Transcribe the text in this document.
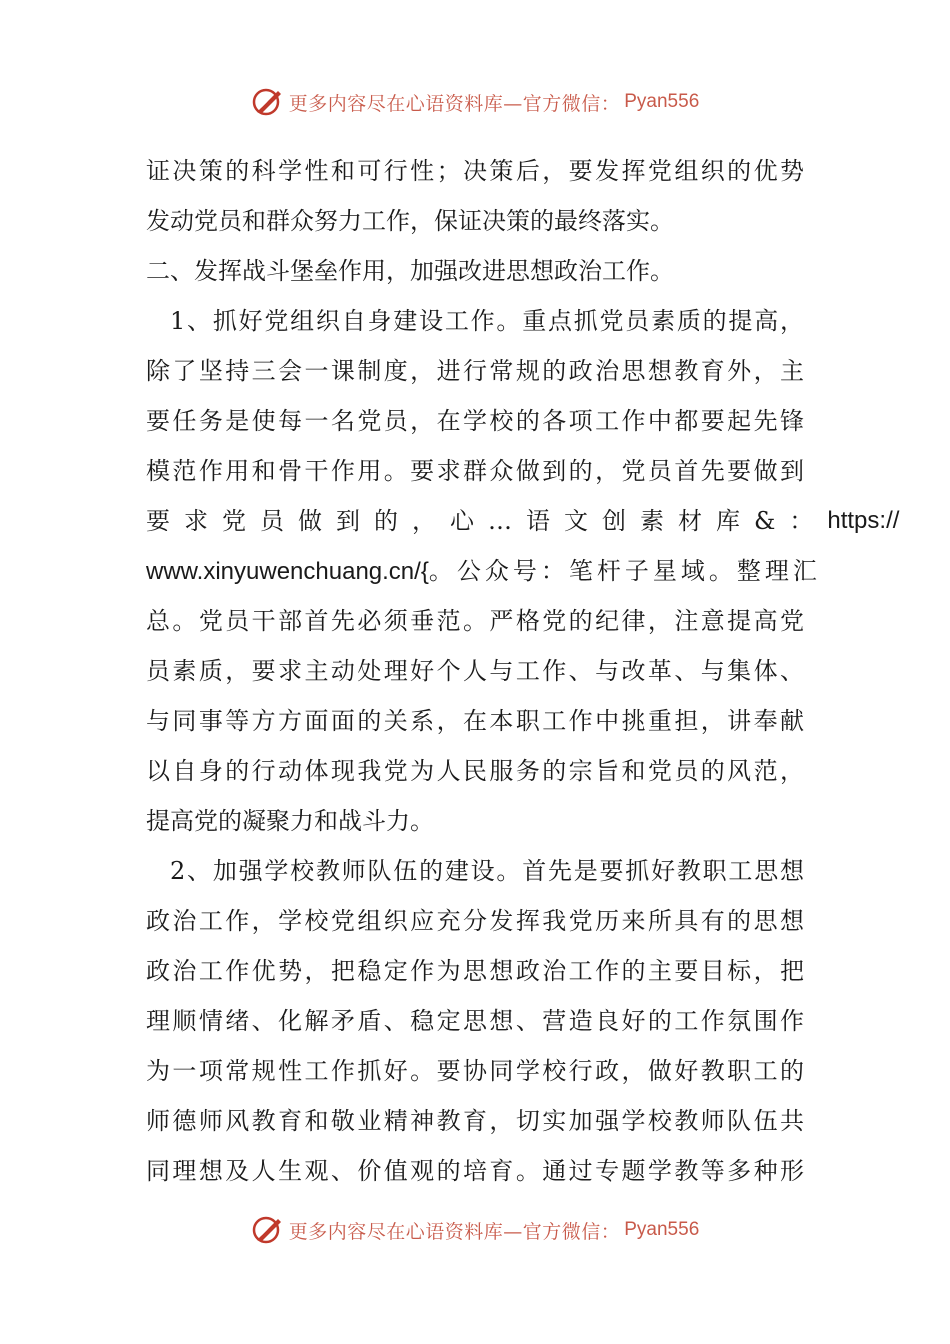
更多内容尽在心语资料库—官方微信： Pyan556
证决策的科学性和可行性；决策后，要发挥党组织的优势
发动党员和群众努力工作，保证决策的最终落实。
二、发挥战斗堡垒作用，加强改进思想政治工作。
1、抓好党组织自身建设工作。重点抓党员素质的提高，
除了坚持三会一课制度，进行常规的政治思想教育外，主
要任务是使每一名党员，在学校的各项工作中都要起先锋
模范作用和骨干作用。要求群众做到的，党员首先要做到
要求党员做到的，心…语文创素材库&： https://
www.xinyuwenchuang.cn/{。公众号：笔杆子星域。整理汇
总。党员干部首先必须垂范。严格党的纪律，注意提高党
员素质，要求主动处理好个人与工作、与改革、与集体、
与同事等方方面面的关系，在本职工作中挑重担，讲奉献
以自身的行动体现我党为人民服务的宗旨和党员的风范，
提高党的凝聚力和战斗力。
2、加强学校教师队伍的建设。首先是要抓好教职工思想
政治工作，学校党组织应充分发挥我党历来所具有的思想
政治工作优势，把稳定作为思想政治工作的主要目标，把
理顺情绪、化解矛盾、稳定思想、营造良好的工作氛围作
为一项常规性工作抓好。要协同学校行政，做好教职工的
师德师风教育和敬业精神教育，切实加强学校教师队伍共
同理想及人生观、价值观的培育。通过专题学教等多种形
更多内容尽在心语资料库—官方微信： Pyan556
